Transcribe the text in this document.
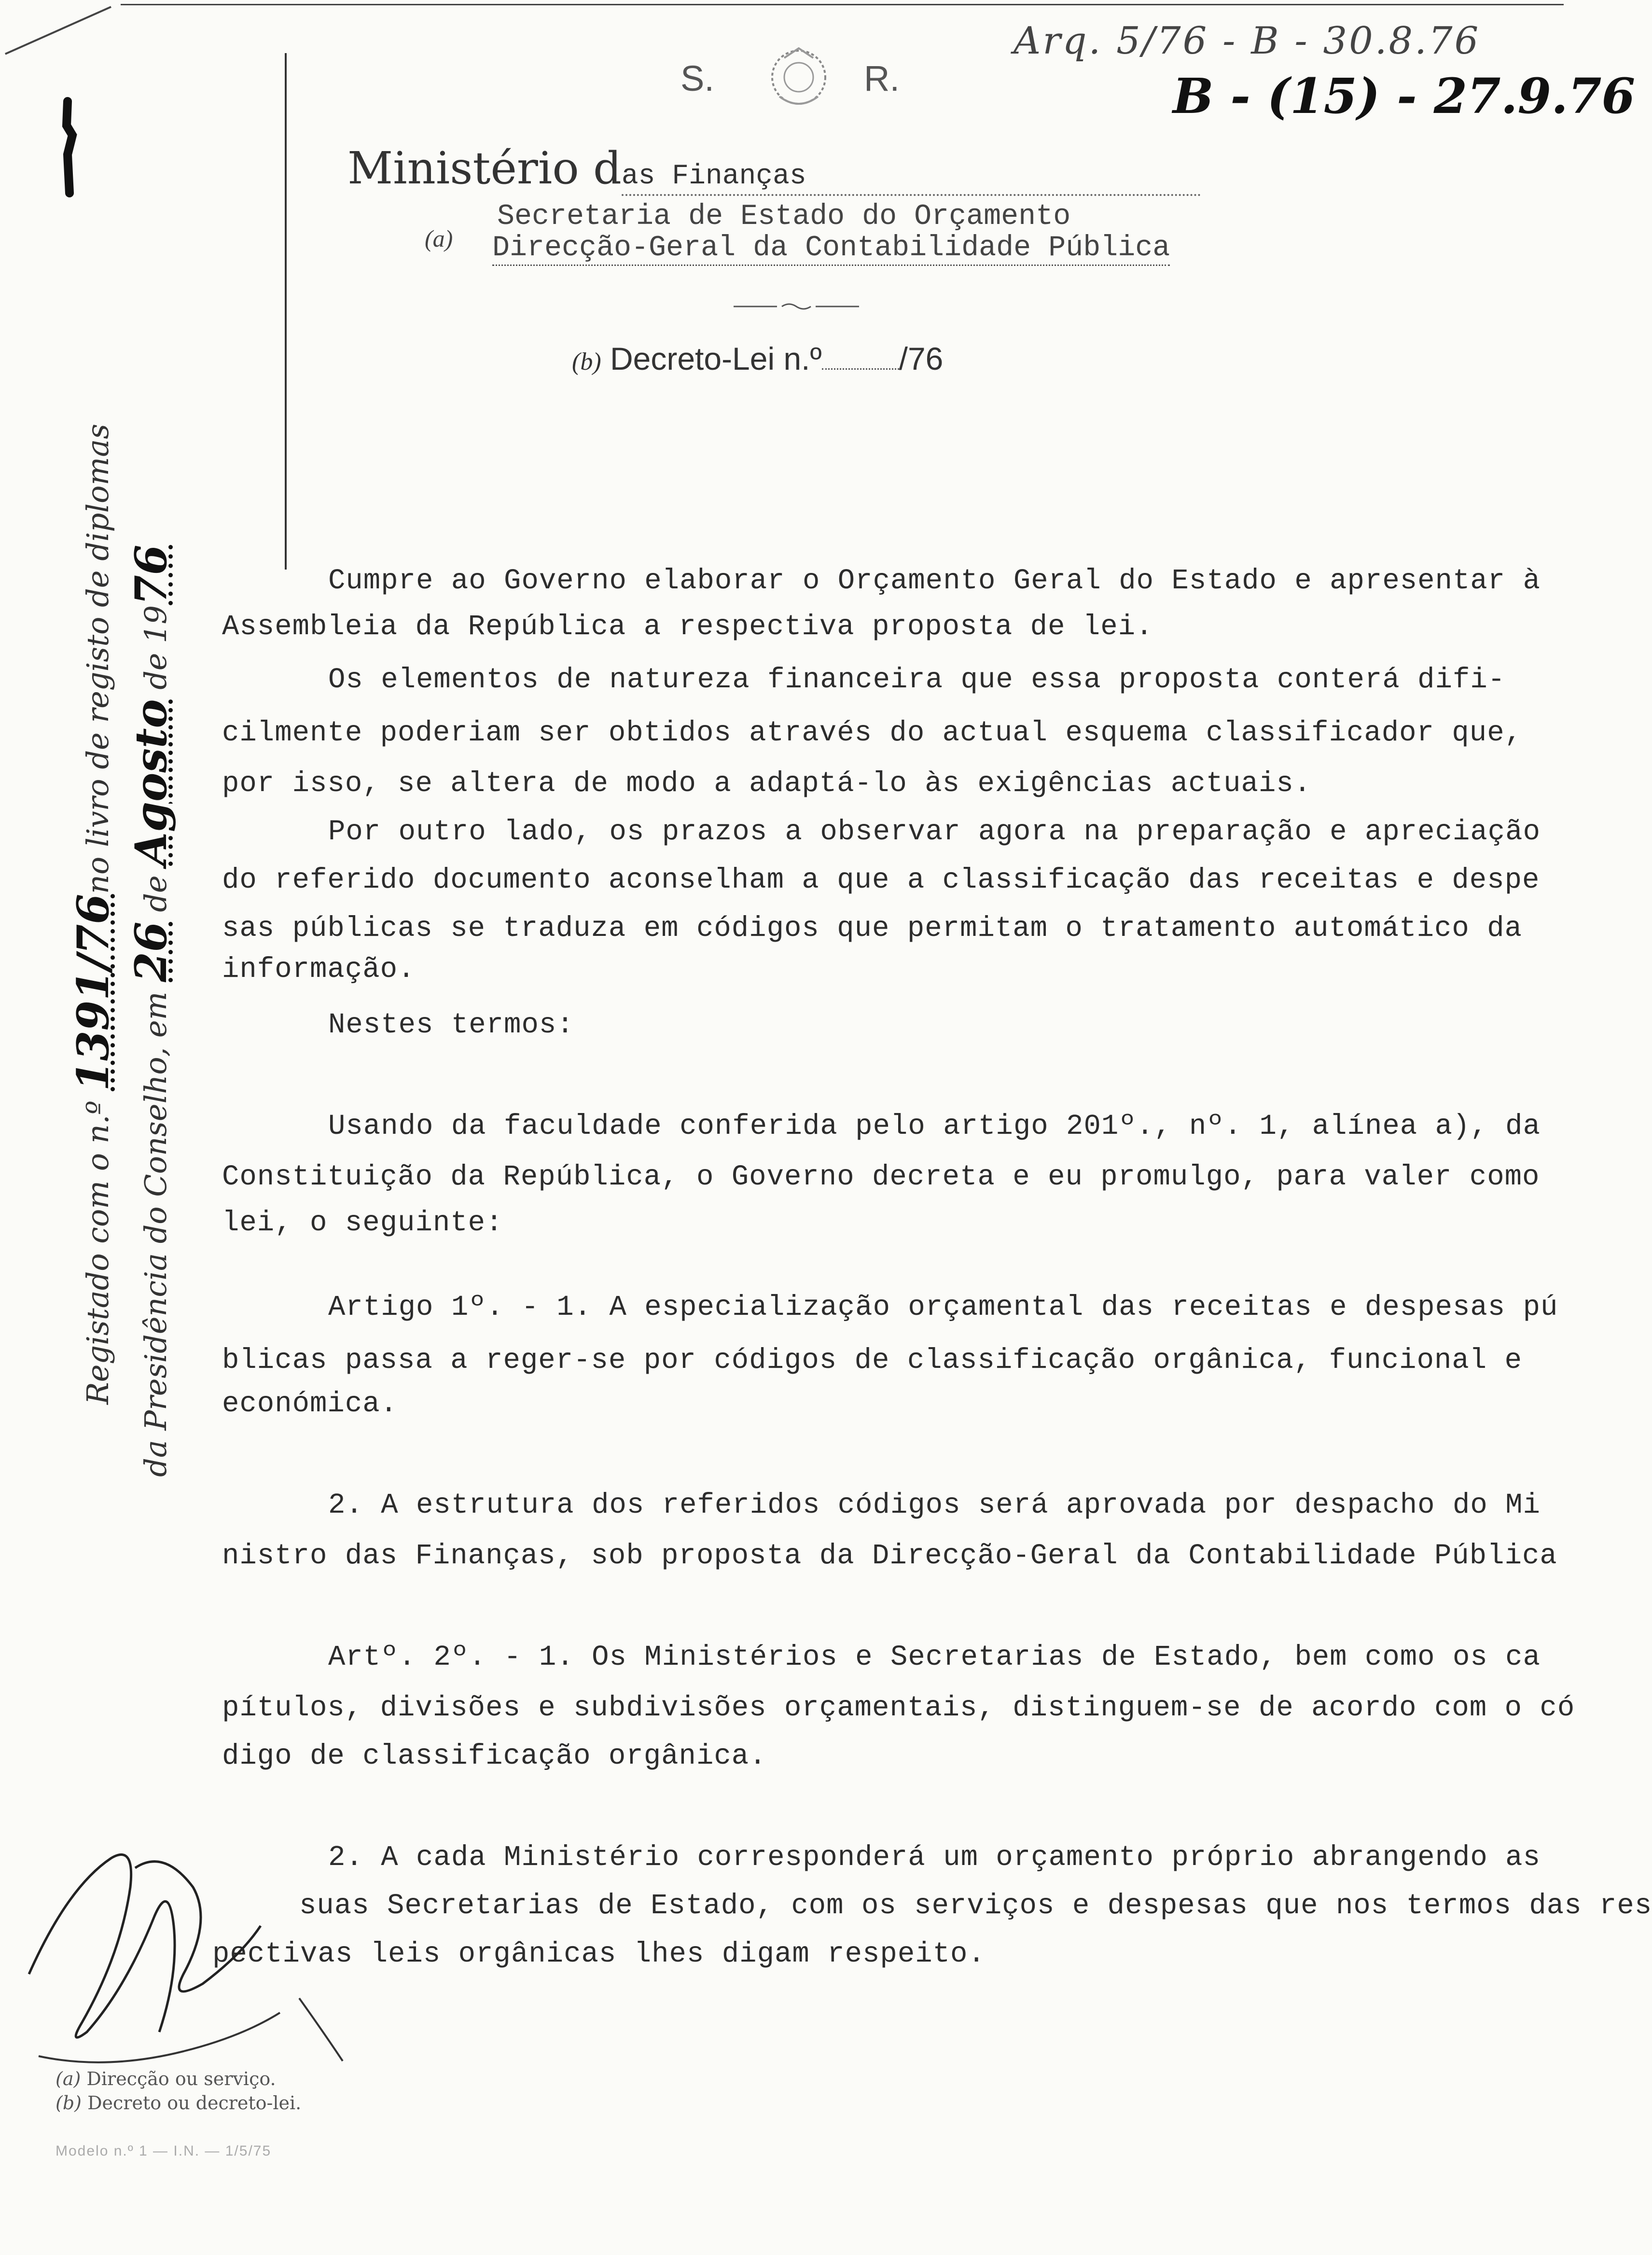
Arq. 5/76 - B - 30.8.76
B - (15) - 27.9.76
S.	R.
Ministério das Finanças
Secretaria de Estado do Orçamento
(a) Direcção-Geral da Contabilidade Pública
(b) Decreto-Lei n.º /76
Cumpre ao Governo elaborar o Orçamento Geral do Estado e apresentar à
Assembleia da República a respectiva proposta de lei.
Os elementos de natureza financeira que essa proposta conterá difi-
cilmente poderiam ser obtidos através do actual esquema classificador que,
por isso, se altera de modo a adaptá-lo às exigências actuais.
Por outro lado, os prazos a observar agora na preparação e apreciação
do referido documento aconselham a que a classificação das receitas e despe
sas públicas se traduza em códigos que permitam o tratamento automático da
informação.
Nestes termos:
Usando da faculdade conferida pelo artigo 201º., nº. 1, alínea a), da
Constituição da República, o Governo decreta e eu promulgo, para valer como
lei, o seguinte:
Artigo 1º. - 1. A especialização orçamental das receitas e despesas pú
blicas passa a reger-se por códigos de classificação orgânica, funcional e
económica.
2. A estrutura dos referidos códigos será aprovada por despacho do Mi
nistro das Finanças, sob proposta da Direcção-Geral da Contabilidade Pública
Artº. 2º. - 1. Os Ministérios e Secretarias de Estado, bem como os ca
pítulos, divisões e subdivisões orçamentais, distinguem-se de acordo com o có
digo de classificação orgânica.
2. A cada Ministério corresponderá um orçamento próprio abrangendo as
suas Secretarias de Estado, com os serviços e despesas que nos termos das res
pectivas leis orgânicas lhes digam respeito.
Registado com o n.º 1391/76no livro de registo de diplomas
da Presidência do Conselho, em 26 de Agosto de 1976
(a) Direcção ou serviço.
(b) Decreto ou decreto-lei.
Modelo n.º 1 — I.N. — 1/5/75
